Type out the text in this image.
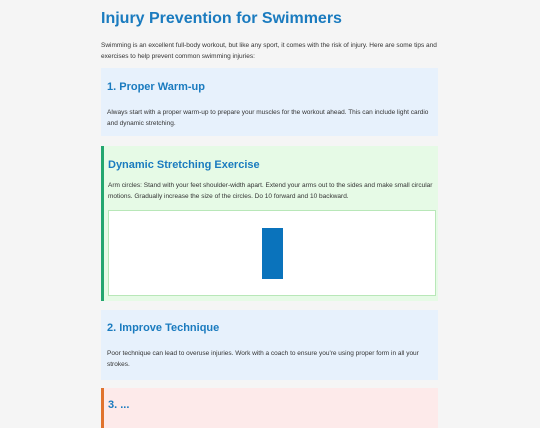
Injury Prevention for Swimmers

Swimming is an excellent full-body workout, but like any sport, it comes with the risk of injury. Here are some tips and exercises to help prevent common swimming injuries:

1. Proper Warm-up

Always start with a proper warm-up to prepare your muscles for the workout ahead. This can include light cardio and dynamic stretching.

Dynamic Stretching Exercise

Arm circles: Stand with your feet shoulder-width apart. Extend your arms out to the sides and make small circular motions. Gradually increase the size of the circles. Do 10 forward and 10 backward.

2. Improve Technique

Poor technique can lead to overuse injuries. Work with a coach to ensure you're using proper form in all your strokes.

3. ...
